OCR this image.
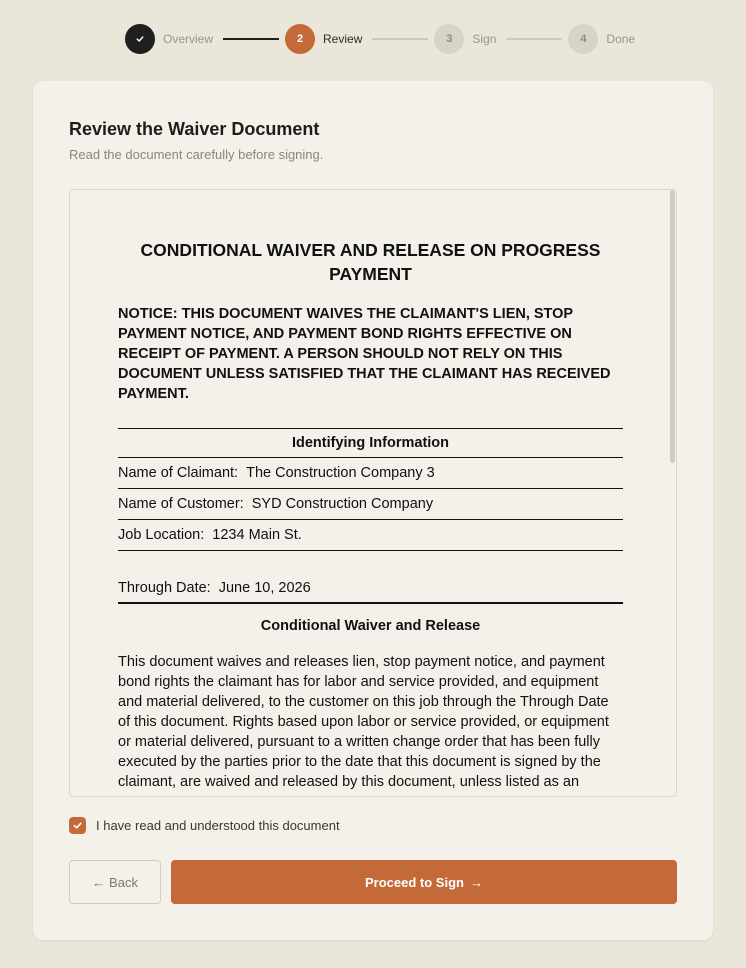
Overview	2	Review	3	Sign	4	Done
Review the Waiver Document
Read the document carefully before signing.
CONDITIONAL WAIVER AND RELEASE ON PROGRESS PAYMENT
NOTICE: THIS DOCUMENT WAIVES THE CLAIMANT'S LIEN, STOP PAYMENT NOTICE, AND PAYMENT BOND RIGHTS EFFECTIVE ON RECEIPT OF PAYMENT. A PERSON SHOULD NOT RELY ON THIS DOCUMENT UNLESS SATISFIED THAT THE CLAIMANT HAS RECEIVED PAYMENT.
Identifying Information
Name of Claimant: The Construction Company 3
Name of Customer: SYD Construction Company
Job Location: 1234 Main St.
Through Date: June 10, 2026
Conditional Waiver and Release
This document waives and releases lien, stop payment notice, and payment bond rights the claimant has for labor and service provided, and equipment and material delivered, to the customer on this job through the Through Date of this document. Rights based upon labor or service provided, or equipment or material delivered, pursuant to a written change order that has been fully executed by the parties prior to the date that this document is signed by the claimant, are waived and released by this document, unless listed as an
I have read and understood this document
← Back	Proceed to Sign →
